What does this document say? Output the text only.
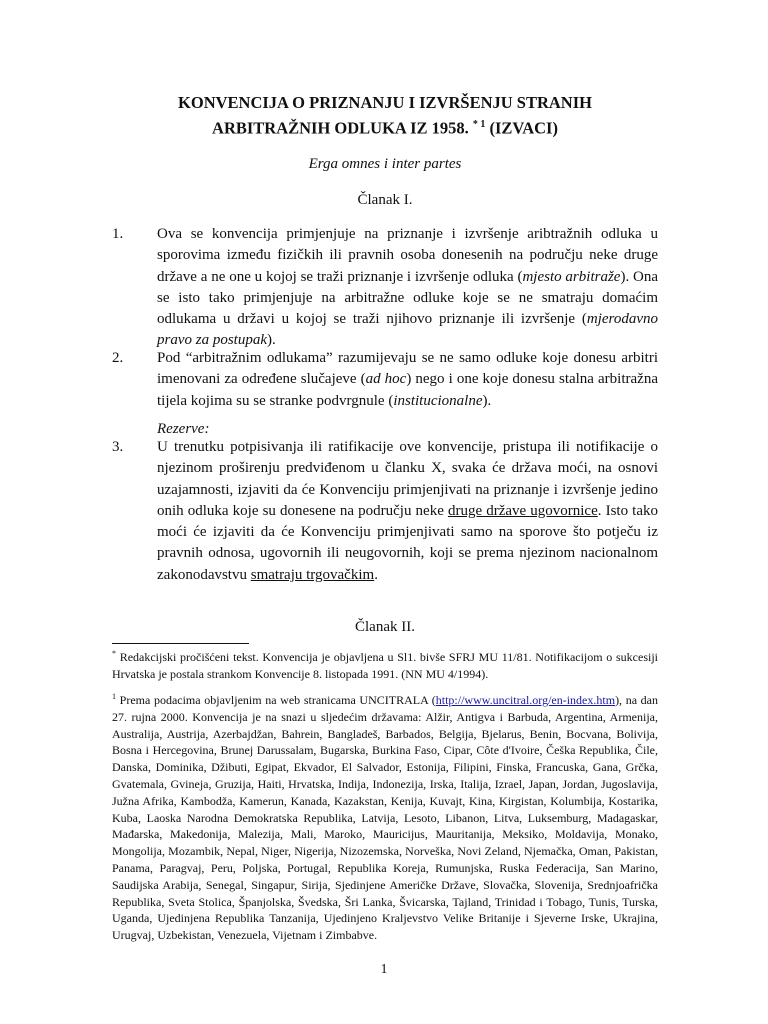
KONVENCIJA O PRIZNANJU I IZVRŠENJU STRANIH
ARBITRAŽNIH ODLUKA IZ 1958. $^{* 1}$ (IZVACI)
Erga omnes i inter partes
Članak I.
1. Ova se konvencija primjenjuje na priznanje i izvršenje aribtražnih odluka u sporovima između fizičkih ili pravnih osoba donesenih na području neke druge države a ne one u kojoj se traži priznanje i izvršenje odluka (mjesto arbitraže). Ona se isto tako primjenjuje na arbitražne odluke koje se ne smatraju domaćim odlukama u državi u kojoj se traži njihovo priznanje ili izvršenje (mjerodavno pravo za postupak).
2. Pod “arbitražnim odlukama” razumijevaju se ne samo odluke koje donesu arbitri imenovani za određene slučajeve (ad hoc) nego i one koje donesu stalna arbitražna tijela kojima su se stranke podvrgnule (institucionalne).
Rezerve:
3. U trenutku potpisivanja ili ratifikacije ove konvencije, pristupa ili notifikacije o njezinom proširenju predviđenom u članku X, svaka će država moći, na osnovi uzajamnosti, izjaviti da će Konvenciju primjenjivati na priznanje i izvršenje jedino onih odluka koje su donesene na području neke druge države ugovornice. Isto tako moći će izjaviti da će Konvenciju primjenjivati samo na sporove što potječu iz pravnih odnosa, ugovornih ili neugovornih, koji se prema njezinom nacionalnom zakonodavstvu smatraju trgovačkim.
Članak II.
* Redakcijski pročišćeni tekst. Konvencija je objavljena u Sl1. bivše SFRJ MU 11/81. Notifikacijom o sukcesiji Hrvatska je postala strankom Konvencije 8. listopada 1991. (NN MU 4/1994).
$^1$ Prema podacima objavljenim na web stranicama UNCITRALA (http://www.uncitral.org/en-index.htm), na dan 27. rujna 2000. Konvencija je na snazi u sljedećim državama: Alžir, Antigva i Barbuda, Argentina, Armenija, Australija, Austrija, Azerbajdžan, Bahrein, Bangladeš, Barbados, Belgija, Bjelarus, Benin, Bocvana, Bolivija, Bosna i Hercegovina, Brunej Darussalam, Bugarska, Burkina Faso, Cipar, Côte d'Ivoire, Češka Republika, Čile, Danska, Dominika, Džibuti, Egipat, Ekvador, El Salvador, Estonija, Filipini, Finska, Francuska, Gana, Grčka, Gvatemala, Gvineja, Gruzija, Haiti, Hrvatska, Indija, Indonezija, Irska, Italija, Izrael, Japan, Jordan, Jugoslavija, Južna Afrika, Kambodža, Kamerun, Kanada, Kazakstan, Kenija, Kuvajt, Kina, Kirgistan, Kolumbija, Kostarika, Kuba, Laoska Narodna Demokratska Republika, Latvija, Lesoto, Libanon, Litva, Luksemburg, Madagaskar, Mađarska, Makedonija, Malezija, Mali, Maroko, Mauricijus, Mauritanija, Meksiko, Moldavija, Monako, Mongolija, Mozambik, Nepal, Niger, Nigerija, Nizozemska, Norveška, Novi Zeland, Njemačka, Oman, Pakistan, Panama, Paragvaj, Peru, Poljska, Portugal, Republika Koreja, Rumunjska, Ruska Federacija, San Marino, Saudijska Arabija, Senegal, Singapur, Sirija, Sjedinjene Američke Države, Slovačka, Slovenija, Srednjoafrička Republika, Sveta Stolica, Španjolska, Švedska, Šri Lanka, Švicarska, Tajland, Trinidad i Tobago, Tunis, Turska, Uganda, Ujedinjena Republika Tanzanija, Ujedinjeno Kraljevstvo Velike Britanije i Sjeverne Irske, Ukrajina, Urugvaj, Uzbekistan, Venezuela, Vijetnam i Zimbabve.
1
